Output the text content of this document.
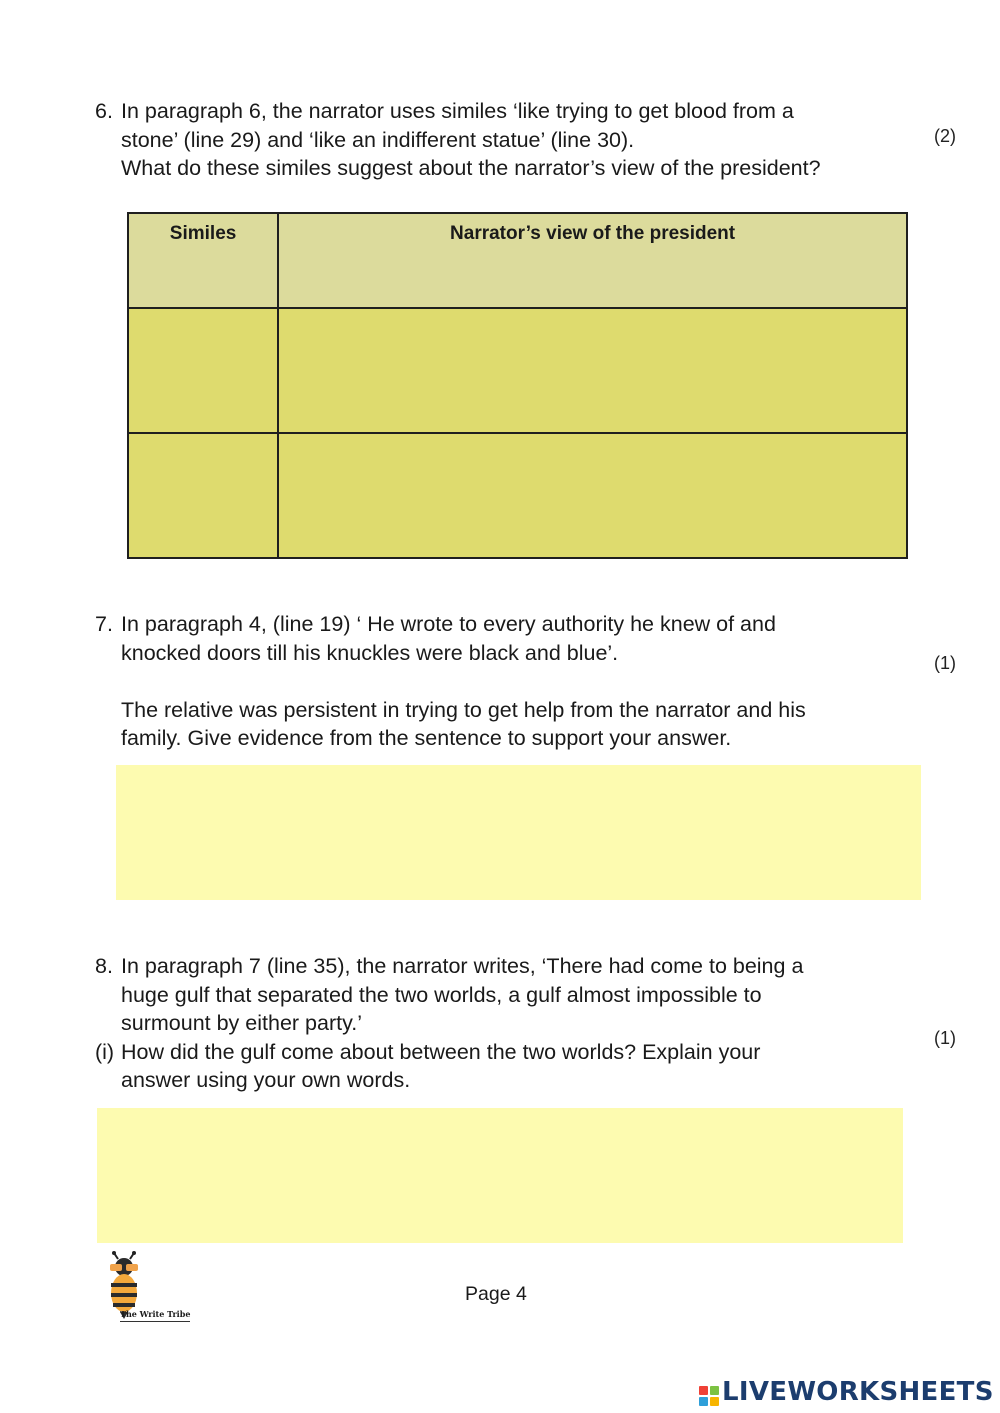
6. In paragraph 6, the narrator uses similes ‘like trying to get blood from a
stone’ (line 29) and ‘like an indifferent statue’ (line 30).
What do these similes suggest about the narrator’s view of the president?
(2)
Similes	Narrator’s view of the president

7. In paragraph 4, (line 19) ‘ He wrote to every authority he knew of and
knocked doors till his knuckles were black and blue’.
The relative was persistent in trying to get help from the narrator and his
family. Give evidence from the sentence to support your answer.
(1)
8. In paragraph 7 (line 35), the narrator writes, ‘There had come to being a
huge gulf that separated the two worlds, a gulf almost impossible to
surmount by either party.’
(i) How did the gulf come about between the two worlds? Explain your
answer using your own words.
(1)
The Write Tribe
Page 4
LIVEWORKSHEETS
